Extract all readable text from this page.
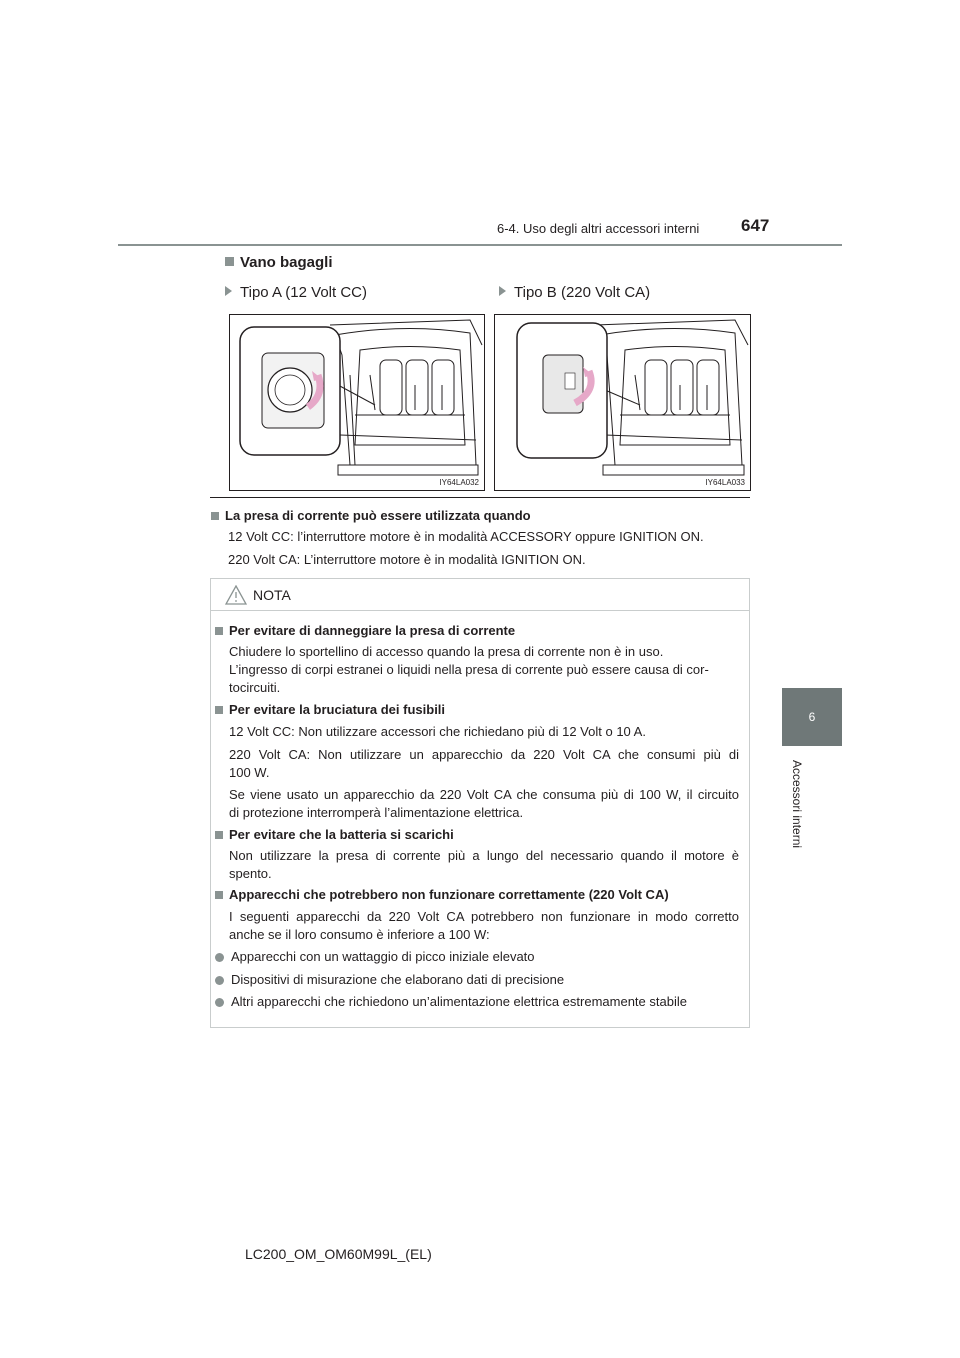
6-4. Uso degli altri accessori interni 647
6
Accessori interni
Vano bagagli
Tipo A (12 Volt CC)	Tipo B (220 Volt CA)
IY64LA032	IY64LA033
La presa di corrente può essere utilizzata quando
12 Volt CC: l’interruttore motore è in modalità ACCESSORY oppure IGNITION ON.
220 Volt CA: L’interruttore motore è in modalità IGNITION ON.
NOTA
Per evitare di danneggiare la presa di corrente
Chiudere lo sportellino di accesso quando la presa di corrente non è in uso.
L’ingresso di corpi estranei o liquidi nella presa di corrente può essere causa di cor-
tocircuiti.
Per evitare la bruciatura dei fusibili
12 Volt CC: Non utilizzare accessori che richiedano più di 12 Volt o 10 A.
220 Volt CA: Non utilizzare un apparecchio da 220 Volt CA che consumi più di
100 W.
Se viene usato un apparecchio da 220 Volt CA che consuma più di 100 W, il circuito
di protezione interromperà l’alimentazione elettrica.
Per evitare che la batteria si scarichi
Non utilizzare la presa di corrente più a lungo del necessario quando il motore è
spento.
Apparecchi che potrebbero non funzionare correttamente (220 Volt CA)
I seguenti apparecchi da 220 Volt CA potrebbero non funzionare in modo corretto
anche se il loro consumo è inferiore a 100 W:
Apparecchi con un wattaggio di picco iniziale elevato
Dispositivi di misurazione che elaborano dati di precisione
Altri apparecchi che richiedono un’alimentazione elettrica estremamente stabile
LC200_OM_OM60M99L_(EL)
